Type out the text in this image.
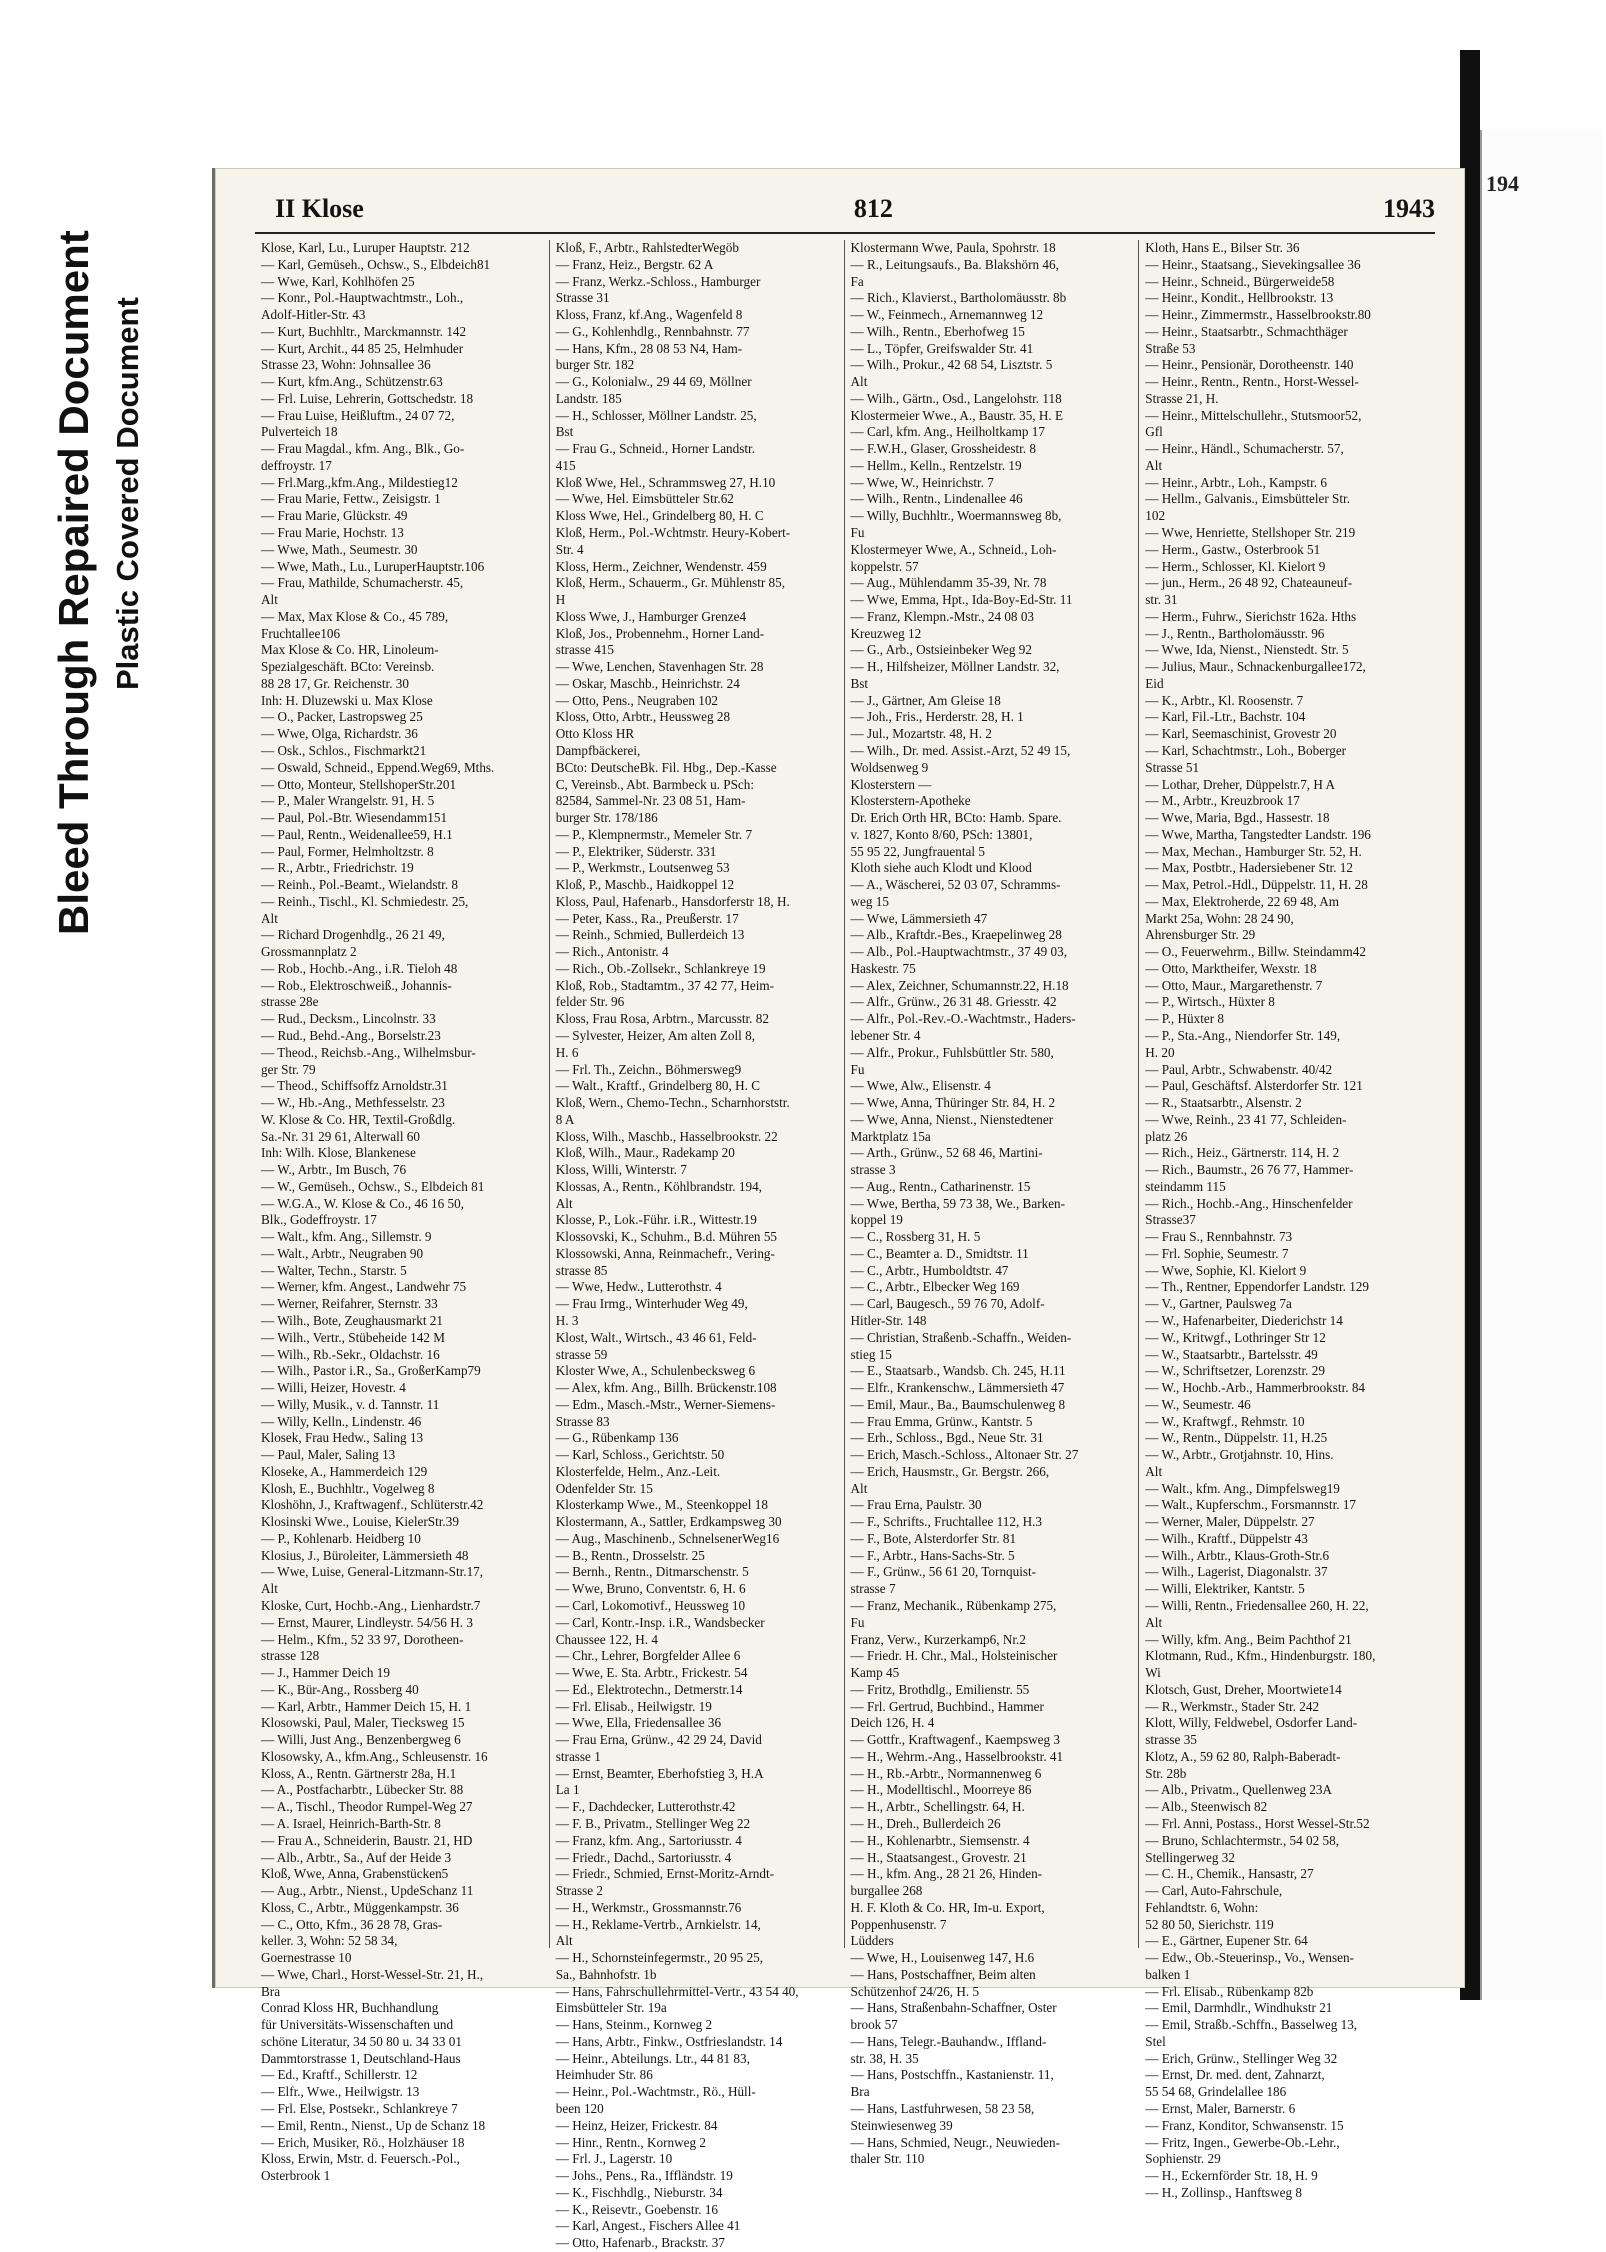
Bleed Through Repaired Document Plastic Covered Document
194
II Klose	812	1943
Klose, Karl, Lu., Luruper Hauptstr. 212
— Karl, Gemüseh., Ochsw., S., Elbdeich81
— Wwe, Karl, Kohlhöfen 25
— Konr., Pol.-Hauptwachtmstr., Loh.,
Adolf-Hitler-Str. 43
— Kurt, Buchhltr., Marckmannstr. 142
— Kurt, Archit., 44 85 25, Helmhuder
Strasse 23, Wohn: Johnsallee 36
— Kurt, kfm.Ang., Schützenstr.63
— Frl. Luise, Lehrerin, Gottschedstr. 18
— Frau Luise, Heißluftm., 24 07 72,
Pulverteich 18
— Frau Magdal., kfm. Ang., Blk., Go-
deffroystr. 17
— Frl.Marg.,kfm.Ang., Mildestieg12
— Frau Marie, Fettw., Zeisigstr. 1
— Frau Marie, Glückstr. 49
— Frau Marie, Hochstr. 13
— Wwe, Math., Seumestr. 30
— Wwe, Math., Lu., LuruperHauptstr.106
— Frau, Mathilde, Schumacherstr. 45,
Alt
— Max, Max Klose & Co., 45 789,
Fruchtallee106
Max Klose & Co. HR, Linoleum-
Spezialgeschäft. BCto: Vereinsb.
88 28 17, Gr. Reichenstr. 30
Inh: H. Dluzewski u. Max Klose
— O., Packer, Lastropsweg 25
— Wwe, Olga, Richardstr. 36
— Osk., Schlos., Fischmarkt21
— Oswald, Schneid., Eppend.Weg69, Mths.
— Otto, Monteur, StellshoperStr.201
— P., Maler Wrangelstr. 91, H. 5
— Paul, Pol.-Btr. Wiesendamm151
— Paul, Rentn., Weidenallee59, H.1
— Paul, Former, Helmholtzstr. 8
— R., Arbtr., Friedrichstr. 19
— Reinh., Pol.-Beamt., Wielandstr. 8
— Reinh., Tischl., Kl. Schmiedestr. 25,
Alt
— Richard Drogenhdlg., 26 21 49,
Grossmannplatz 2
— Rob., Hochb.-Ang., i.R. Tieloh 48
— Rob., Elektroschweiß., Johannis-
strasse 28e
— Rud., Decksm., Lincolnstr. 33
— Rud., Behd.-Ang., Borselstr.23
— Theod., Reichsb.-Ang., Wilhelmsbur-
ger Str. 79
— Theod., Schiffsoffz Arnoldstr.31
— W., Hb.-Ang., Methfesselstr. 23
W. Klose & Co. HR, Textil-Großdlg.
Sa.-Nr. 31 29 61, Alterwall 60
Inh: Wilh. Klose, Blankenese
— W., Arbtr., Im Busch, 76
— W., Gemüseh., Ochsw., S., Elbdeich 81
— W.G.A., W. Klose & Co., 46 16 50,
Blk., Godeffroystr. 17
— Walt., kfm. Ang., Sillemstr. 9
— Walt., Arbtr., Neugraben 90
— Walter, Techn., Starstr. 5
— Werner, kfm. Angest., Landwehr 75
— Werner, Reifahrer, Sternstr. 33
— Wilh., Bote, Zeughausmarkt 21
— Wilh., Vertr., Stübeheide 142 M
— Wilh., Rb.-Sekr., Oldachstr. 16
— Wilh., Pastor i.R., Sa., GroßerKamp79
— Willi, Heizer, Hovestr. 4
— Willy, Musik., v. d. Tannstr. 11
— Willy, Kelln., Lindenstr. 46
Klosek, Frau Hedw., Saling 13
— Paul, Maler, Saling 13
Kloseke, A., Hammerdeich 129
Klosh, E., Buchhltr., Vogelweg 8
Kloshöhn, J., Kraftwagenf., Schlüterstr.42
Klosinski Wwe., Louise, KielerStr.39
— P., Kohlenarb. Heidberg 10
Klosius, J., Büroleiter, Lämmersieth 48
— Wwe, Luise, General-Litzmann-Str.17,
Alt
Kloske, Curt, Hochb.-Ang., Lienhardstr.7
— Ernst, Maurer, Lindleystr. 54/56 H. 3
— Helm., Kfm., 52 33 97, Dorotheen-
strasse 128
— J., Hammer Deich 19
— K., Bür-Ang., Rossberg 40
— Karl, Arbtr., Hammer Deich 15, H. 1
Klosowski, Paul, Maler, Tiecksweg 15
— Willi, Just Ang., Benzenbergweg 6
Klosowsky, A., kfm.Ang., Schleusenstr. 16
Kloss, A., Rentn. Gärtnerstr 28a, H.1
— A., Postfacharbtr., Lübecker Str. 88
— A., Tischl., Theodor Rumpel-Weg 27
— A. Israel, Heinrich-Barth-Str. 8
— Frau A., Schneiderin, Baustr. 21, HD
— Alb., Arbtr., Sa., Auf der Heide 3
Kloß, Wwe, Anna, Grabenstücken5
— Aug., Arbtr., Nienst., UpdeSchanz 11
Kloss, C., Arbtr., Müggenkampstr. 36
— C., Otto, Kfm., 36 28 78, Gras-
keller. 3, Wohn: 52 58 34,
Goernestrasse 10
— Wwe, Charl., Horst-Wessel-Str. 21, H.,
Bra
Conrad Kloss HR, Buchhandlung
für Universitäts-Wissenschaften und
schöne Literatur, 34 50 80 u. 34 33 01
Dammtorstrasse 1, Deutschland-Haus
— Ed., Kraftf., Schillerstr. 12
— Elfr., Wwe., Heilwigstr. 13
— Frl. Else, Postsekr., Schlankreye 7
— Emil, Rentn., Nienst., Up de Schanz 18
— Erich, Musiker, Rö., Holzhäuser 18
Kloss, Erwin, Mstr. d. Feuersch.-Pol.,
Osterbrook 1
Kloß, F., Arbtr., RahlstedterWegöb
— Franz, Heiz., Bergstr. 62 A
— Franz, Werkz.-Schloss., Hamburger
Strasse 31
Kloss, Franz, kf.Ang., Wagenfeld 8
— G., Kohlenhdlg., Rennbahnstr. 77
— Hans, Kfm., 28 08 53 N4, Ham-
burger Str. 182
— G., Kolonialw., 29 44 69, Möllner
Landstr. 185
— H., Schlosser, Möllner Landstr. 25,
Bst
— Frau G., Schneid., Horner Landstr.
415
Kloß Wwe, Hel., Schrammsweg 27, H.10
— Wwe, Hel. Eimsbütteler Str.62
Kloss Wwe, Hel., Grindelberg 80, H. C
Kloß, Herm., Pol.-Wchtmstr. Heury-Kobert-
Str. 4
Kloss, Herm., Zeichner, Wendenstr. 459
Kloß, Herm., Schauerm., Gr. Mühlenstr 85,
H
Kloss Wwe, J., Hamburger Grenze4
Kloß, Jos., Probennehm., Horner Land-
strasse 415
— Wwe, Lenchen, Stavenhagen Str. 28
— Oskar, Maschb., Heinrichstr. 24
— Otto, Pens., Neugraben 102
Kloss, Otto, Arbtr., Heussweg 28
Otto Kloss HR
Dampfbäckerei,
BCto: DeutscheBk. Fil. Hbg., Dep.-Kasse
C, Vereinsb., Abt. Barmbeck u. PSch:
82584, Sammel-Nr. 23 08 51, Ham-
burger Str. 178/186
— P., Klempnermstr., Memeler Str. 7
— P., Elektriker, Süderstr. 331
— P., Werkmstr., Loutsenweg 53
Kloß, P., Maschb., Haidkoppel 12
Kloss, Paul, Hafenarb., Hansdorferstr 18, H.
— Peter, Kass., Ra., Preußerstr. 17
— Reinh., Schmied, Bullerdeich 13
— Rich., Antonistr. 4
— Rich., Ob.-Zollsekr., Schlankreye 19
Kloß, Rob., Stadtamtm., 37 42 77, Heim-
felder Str. 96
Kloss, Frau Rosa, Arbtrn., Marcusstr. 82
— Sylvester, Heizer, Am alten Zoll 8,
H. 6
— Frl. Th., Zeichn., Böhmersweg9
— Walt., Kraftf., Grindelberg 80, H. C
Kloß, Wern., Chemo-Techn., Scharnhorststr.
8 A
Kloss, Wilh., Maschb., Hasselbrookstr. 22
Kloß, Wilh., Maur., Radekamp 20
Kloss, Willi, Winterstr. 7
Klossas, A., Rentn., Köhlbrandstr. 194,
Alt
Klosse, P., Lok.-Führ. i.R., Wittestr.19
Klossovski, K., Schuhm., B.d. Mühren 55
Klossowski, Anna, Reinmachefr., Vering-
strasse 85
— Wwe, Hedw., Lutterothstr. 4
— Frau Irmg., Winterhuder Weg 49,
H. 3
Klost, Walt., Wirtsch., 43 46 61, Feld-
strasse 59
Kloster Wwe, A., Schulenbecksweg 6
— Alex, kfm. Ang., Billh. Brückenstr.108
— Edm., Masch.-Mstr., Werner-Siemens-
Strasse 83
— G., Rübenkamp 136
— Karl, Schloss., Gerichtstr. 50
Klosterfelde, Helm., Anz.-Leit.
Odenfelder Str. 15
Klosterkamp Wwe., M., Steenkoppel 18
Klostermann, A., Sattler, Erdkampsweg 30
— Aug., Maschinenb., SchnelsenerWeg16
— B., Rentn., Drosselstr. 25
— Bernh., Rentn., Ditmarschenstr. 5
— Wwe, Bruno, Conventstr. 6, H. 6
— Carl, Lokomotivf., Heussweg 10
— Carl, Kontr.-Insp. i.R., Wandsbecker
Chaussee 122, H. 4
— Chr., Lehrer, Borgfelder Allee 6
— Wwe, E. Sta. Arbtr., Frickestr. 54
— Ed., Elektrotechn., Detmerstr.14
— Frl. Elisab., Heilwigstr. 19
— Wwe, Ella, Friedensallee 36
— Frau Erna, Grünw., 42 29 24, David
strasse 1
— Ernst, Beamter, Eberhofstieg 3, H.A
La 1
— F., Dachdecker, Lutterothstr.42
— F. B., Privatm., Stellinger Weg 22
— Franz, kfm. Ang., Sartoriusstr. 4
— Friedr., Dachd., Sartoriusstr. 4
— Friedr., Schmied, Ernst-Moritz-Arndt-
Strasse 2
— H., Werkmstr., Grossmannstr.76
— H., Reklame-Vertrb., Arnkielstr. 14,
Alt
— H., Schornsteinfegermstr., 20 95 25,
Sa., Bahnhofstr. 1b
— Hans, Fahrschullehrmittel-Vertr., 43 54 40,
Eimsbütteler Str. 19a
— Hans, Steinm., Kornweg 2
— Hans, Arbtr., Finkw., Ostfrieslandstr. 14
— Heinr., Abteilungs. Ltr., 44 81 83,
Heimhuder Str. 86
— Heinr., Pol.-Wachtmstr., Rö., Hüll-
been 120
— Heinz, Heizer, Frickestr. 84
— Hinr., Rentn., Kornweg 2
— Frl. J., Lagerstr. 10
— Johs., Pens., Ra., Iffländstr. 19
— K., Fischhdlg., Nieburstr. 34
— K., Reisevtr., Goebenstr. 16
— Karl, Angest., Fischers Allee 41
— Otto, Hafenarb., Brackstr. 37
Klostermann Wwe, Paula, Spohrstr. 18
— R., Leitungsaufs., Ba. Blakshörn 46,
Fa
— Rich., Klavierst., Bartholomäusstr. 8b
— W., Feinmech., Arnemannweg 12
— Wilh., Rentn., Eberhofweg 15
— L., Töpfer, Greifswalder Str. 41
— Wilh., Prokur., 42 68 54, Lisztstr. 5
Alt
— Wilh., Gärtn., Osd., Langelohstr. 118
Klostermeier Wwe., A., Baustr. 35, H. E
— Carl, kfm. Ang., Heilholtkamp 17
— F.W.H., Glaser, Grossheidestr. 8
— Hellm., Kelln., Rentzelstr. 19
— Wwe, W., Heinrichstr. 7
— Wilh., Rentn., Lindenallee 46
— Willy, Buchhltr., Woermannsweg 8b,
Fu
Klostermeyer Wwe, A., Schneid., Loh-
koppelstr. 57
— Aug., Mühlendamm 35-39, Nr. 78
— Wwe, Emma, Hpt., Ida-Boy-Ed-Str. 11
— Franz, Klempn.-Mstr., 24 08 03
Kreuzweg 12
— G., Arb., Ostsieinbeker Weg 92
— H., Hilfsheizer, Möllner Landstr. 32,
Bst
— J., Gärtner, Am Gleise 18
— Joh., Fris., Herderstr. 28, H. 1
— Jul., Mozartstr. 48, H. 2
— Wilh., Dr. med. Assist.-Arzt, 52 49 15,
Woldsenweg 9
Klosterstern —
Klosterstern-Apotheke
Dr. Erich Orth HR, BCto: Hamb. Spare.
v. 1827, Konto 8/60, PSch: 13801,
55 95 22, Jungfrauental 5
Kloth siehe auch Klodt und Klood
— A., Wäscherei, 52 03 07, Schramms-
weg 15
— Wwe, Lämmersieth 47
— Alb., Kraftdr.-Bes., Kraepelinweg 28
— Alb., Pol.-Hauptwachtmstr., 37 49 03,
Haskestr. 75
— Alex, Zeichner, Schumannstr.22, H.18
— Alfr., Grünw., 26 31 48. Griesstr. 42
— Alfr., Pol.-Rev.-O.-Wachtmstr., Haders-
lebener Str. 4
— Alfr., Prokur., Fuhlsbüttler Str. 580,
Fu
— Wwe, Alw., Elisenstr. 4
— Wwe, Anna, Thüringer Str. 84, H. 2
— Wwe, Anna, Nienst., Nienstedtener
Marktplatz 15a
— Arth., Grünw., 52 68 46, Martini-
strasse 3
— Aug., Rentn., Catharinenstr. 15
— Wwe, Bertha, 59 73 38, We., Barken-
koppel 19
— C., Rossberg 31, H. 5
— C., Beamter a. D., Smidtstr. 11
— C., Arbtr., Humboldtstr. 47
— C., Arbtr., Elbecker Weg 169
— Carl, Baugesch., 59 76 70, Adolf-
Hitler-Str. 148
— Christian, Straßenb.-Schaffn., Weiden-
stieg 15
— E., Staatsarb., Wandsb. Ch. 245, H.11
— Elfr., Krankenschw., Lämmersieth 47
— Emil, Maur., Ba., Baumschulenweg 8
— Frau Emma, Grünw., Kantstr. 5
— Erh., Schloss., Bgd., Neue Str. 31
— Erich, Masch.-Schloss., Altonaer Str. 27
— Erich, Hausmstr., Gr. Bergstr. 266,
Alt
— Frau Erna, Paulstr. 30
— F., Schrifts., Fruchtallee 112, H.3
— F., Bote, Alsterdorfer Str. 81
— F., Arbtr., Hans-Sachs-Str. 5
— F., Grünw., 56 61 20, Tornquist-
strasse 7
— Franz, Mechanik., Rübenkamp 275,
Fu
Franz, Verw., Kurzerkamp6, Nr.2
— Friedr. H. Chr., Mal., Holsteinischer
Kamp 45
— Fritz, Brothdlg., Emilienstr. 55
— Frl. Gertrud, Buchbind., Hammer
Deich 126, H. 4
— Gottfr., Kraftwagenf., Kaempsweg 3
— H., Wehrm.-Ang., Hasselbrookstr. 41
— H., Rb.-Arbtr., Normannenweg 6
— H., Modelltischl., Moorreye 86
— H., Arbtr., Schellingstr. 64, H.
— H., Dreh., Bullerdeich 26
— H., Kohlenarbtr., Siemsenstr. 4
— H., Staatsangest., Grovestr. 21
— H., kfm. Ang., 28 21 26, Hinden-
burgallee 268
H. F. Kloth & Co. HR, Im-u. Export,
Poppenhusenstr. 7
Lüdders
— Wwe, H., Louisenweg 147, H.6
— Hans, Postschaffner, Beim alten
Schützenhof 24/26, H. 5
— Hans, Straßenbahn-Schaffner, Oster
brook 57
— Hans, Telegr.-Bauhandw., Iffland-
str. 38, H. 35
— Hans, Postschffn., Kastanienstr. 11,
Bra
— Hans, Lastfuhrwesen, 58 23 58,
Steinwiesenweg 39
— Hans, Schmied, Neugr., Neuwieden-
thaler Str. 110
Kloth, Hans E., Bilser Str. 36
— Heinr., Staatsang., Sievekingsallee 36
— Heinr., Schneid., Bürgerweide58
— Heinr., Kondit., Hellbrookstr. 13
— Heinr., Zimmermstr., Hasselbrookstr.80
— Heinr., Staatsarbtr., Schmachthäger
Straße 53
— Heinr., Pensionär, Dorotheenstr. 140
— Heinr., Rentn., Rentn., Horst-Wessel-
Strasse 21, H.
— Heinr., Mittelschullehr., Stutsmoor52,
Gfl
— Heinr., Händl., Schumacherstr. 57,
Alt
— Heinr., Arbtr., Loh., Kampstr. 6
— Hellm., Galvanis., Eimsbütteler Str.
102
— Wwe, Henriette, Stellshoper Str. 219
— Herm., Gastw., Osterbrook 51
— Herm., Schlosser, Kl. Kielort 9
— jun., Herm., 26 48 92, Chateauneuf-
str. 31
— Herm., Fuhrw., Sierichstr 162a. Hths
— J., Rentn., Bartholomäusstr. 96
— Wwe, Ida, Nienst., Nienstedt. Str. 5
— Julius, Maur., Schnackenburgallee172,
Eid
— K., Arbtr., Kl. Roosenstr. 7
— Karl, Fil.-Ltr., Bachstr. 104
— Karl, Seemaschinist, Grovestr 20
— Karl, Schachtmstr., Loh., Boberger
Strasse 51
— Lothar, Dreher, Düppelstr.7, H A
— M., Arbtr., Kreuzbrook 17
— Wwe, Maria, Bgd., Hassestr. 18
— Wwe, Martha, Tangstedter Landstr. 196
— Max, Mechan., Hamburger Str. 52, H.
— Max, Postbtr., Hadersiebener Str. 12
— Max, Petrol.-Hdl., Düppelstr. 11, H. 28
— Max, Elektroherde, 22 69 48, Am
Markt 25a, Wohn: 28 24 90,
Ahrensburger Str. 29
— O., Feuerwehrm., Billw. Steindamm42
— Otto, Marktheifer, Wexstr. 18
— Otto, Maur., Margarethenstr. 7
— P., Wirtsch., Hüxter 8
— P., Hüxter 8
— P., Sta.-Ang., Niendorfer Str. 149,
H. 20
— Paul, Arbtr., Schwabenstr. 40/42
— Paul, Geschäftsf. Alsterdorfer Str. 121
— R., Staatsarbtr., Alsenstr. 2
— Wwe, Reinh., 23 41 77, Schleiden-
platz 26
— Rich., Heiz., Gärtnerstr. 114, H. 2
— Rich., Baumstr., 26 76 77, Hammer-
steindamm 115
— Rich., Hochb.-Ang., Hinschenfelder
Strasse37
— Frau S., Rennbahnstr. 73
— Frl. Sophie, Seumestr. 7
— Wwe, Sophie, Kl. Kielort 9
— Th., Rentner, Eppendorfer Landstr. 129
— V., Gartner, Paulsweg 7a
— W., Hafenarbeiter, Diederichstr 14
— W., Kritwgf., Lothringer Str 12
— W., Staatsarbtr., Bartelsstr. 49
— W., Schriftsetzer, Lorenzstr. 29
— W., Hochb.-Arb., Hammerbrookstr. 84
— W., Seumestr. 46
— W., Kraftwgf., Rehmstr. 10
— W., Rentn., Düppelstr. 11, H.25
— W., Arbtr., Grotjahnstr. 10, Hins.
Alt
— Walt., kfm. Ang., Dimpfelsweg19
— Walt., Kupferschm., Forsmannstr. 17
— Werner, Maler, Düppelstr. 27
— Wilh., Kraftf., Düppelstr 43
— Wilh., Arbtr., Klaus-Groth-Str.6
— Wilh., Lagerist, Diagonalstr. 37
— Willi, Elektriker, Kantstr. 5
— Willi, Rentn., Friedensallee 260, H. 22,
Alt
— Willy, kfm. Ang., Beim Pachthof 21
Klotmann, Rud., Kfm., Hindenburgstr. 180,
Wi
Klotsch, Gust, Dreher, Moortwiete14
— R., Werkmstr., Stader Str. 242
Klott, Willy, Feldwebel, Osdorfer Land-
strasse 35
Klotz, A., 59 62 80, Ralph-Baberadt-
Str. 28b
— Alb., Privatm., Quellenweg 23A
— Alb., Steenwisch 82
— Frl. Anni, Postass., Horst Wessel-Str.52
— Bruno, Schlachtermstr., 54 02 58,
Stellingerweg 32
— C. H., Chemik., Hansastr, 27
— Carl, Auto-Fahrschule,
Fehlandtstr. 6, Wohn:
52 80 50, Sierichstr. 119
— E., Gärtner, Eupener Str. 64
— Edw., Ob.-Steuerinsp., Vo., Wensen-
balken 1
— Frl. Elisab., Rübenkamp 82b
— Emil, Darmhdlr., Windhukstr 21
— Emil, Straßb.-Schffn., Basselweg 13,
Stel
— Erich, Grünw., Stellinger Weg 32
— Ernst, Dr. med. dent, Zahnarzt,
55 54 68, Grindelallee 186
— Ernst, Maler, Barnerstr. 6
— Franz, Konditor, Schwansenstr. 15
— Fritz, Ingen., Gewerbe-Ob.-Lehr.,
Sophienstr. 29
— H., Eckernförder Str. 18, H. 9
— H., Zollinsp., Hanftsweg 8
